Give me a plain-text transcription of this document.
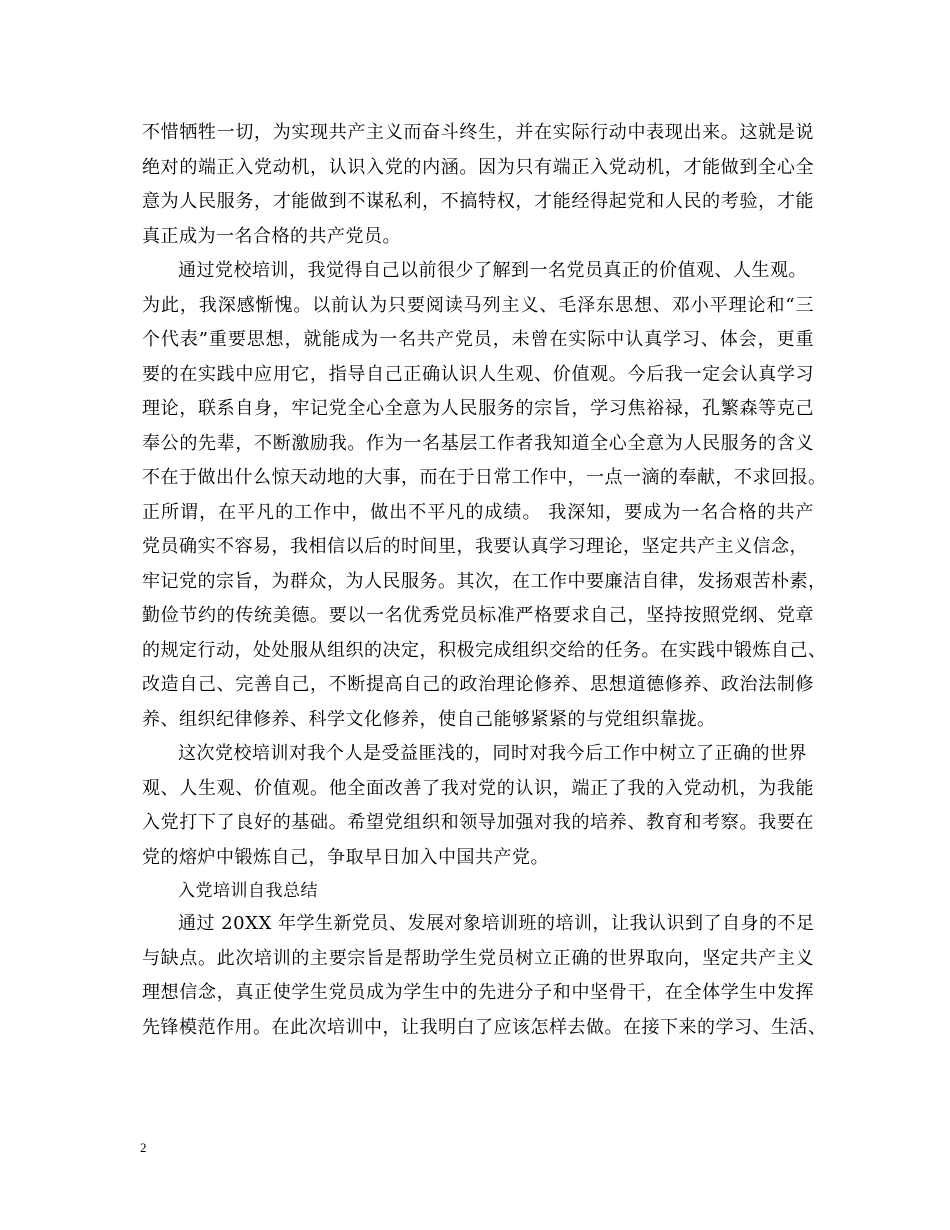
不惜牺牲一切，为实现共产主义而奋斗终生，并在实际行动中表现出来。这就是说
绝对的端正入党动机，认识入党的内涵。因为只有端正入党动机，才能做到全心全
意为人民服务，才能做到不谋私利，不搞特权，才能经得起党和人民的考验，才能
真正成为一名合格的共产党员。
通过党校培训，我觉得自己以前很少了解到一名党员真正的价值观、人生观。
为此，我深感惭愧。以前认为只要阅读马列主义、毛泽东思想、邓小平理论和“三
个代表”重要思想，就能成为一名共产党员，未曾在实际中认真学习、体会，更重
要的在实践中应用它，指导自己正确认识人生观、价值观。今后我一定会认真学习
理论，联系自身，牢记党全心全意为人民服务的宗旨，学习焦裕禄，孔繁森等克己
奉公的先辈，不断激励我。作为一名基层工作者我知道全心全意为人民服务的含义
不在于做出什么惊天动地的大事，而在于日常工作中，一点一滴的奉献，不求回报。
正所谓，在平凡的工作中，做出不平凡的成绩。 我深知，要成为一名合格的共产
党员确实不容易，我相信以后的时间里，我要认真学习理论，坚定共产主义信念，
牢记党的宗旨，为群众，为人民服务。其次，在工作中要廉洁自律，发扬艰苦朴素，
勤俭节约的传统美德。要以一名优秀党员标准严格要求自己，坚持按照党纲、党章
的规定行动，处处服从组织的决定，积极完成组织交给的任务。在实践中锻炼自己、
改造自己、完善自己，不断提高自己的政治理论修养、思想道德修养、政治法制修
养、组织纪律修养、科学文化修养，使自己能够紧紧的与党组织靠拢。
这次党校培训对我个人是受益匪浅的，同时对我今后工作中树立了正确的世界
观、人生观、价值观。他全面改善了我对党的认识，端正了我的入党动机，为我能
入党打下了良好的基础。希望党组织和领导加强对我的培养、教育和考察。我要在
党的熔炉中锻炼自己，争取早日加入中国共产党。
入党培训自我总结
通过 20XX 年学生新党员、发展对象培训班的培训，让我认识到了自身的不足
与缺点。此次培训的主要宗旨是帮助学生党员树立正确的世界取向，坚定共产主义
理想信念，真正使学生党员成为学生中的先进分子和中坚骨干，在全体学生中发挥
先锋模范作用。在此次培训中，让我明白了应该怎样去做。在接下来的学习、生活、
2
